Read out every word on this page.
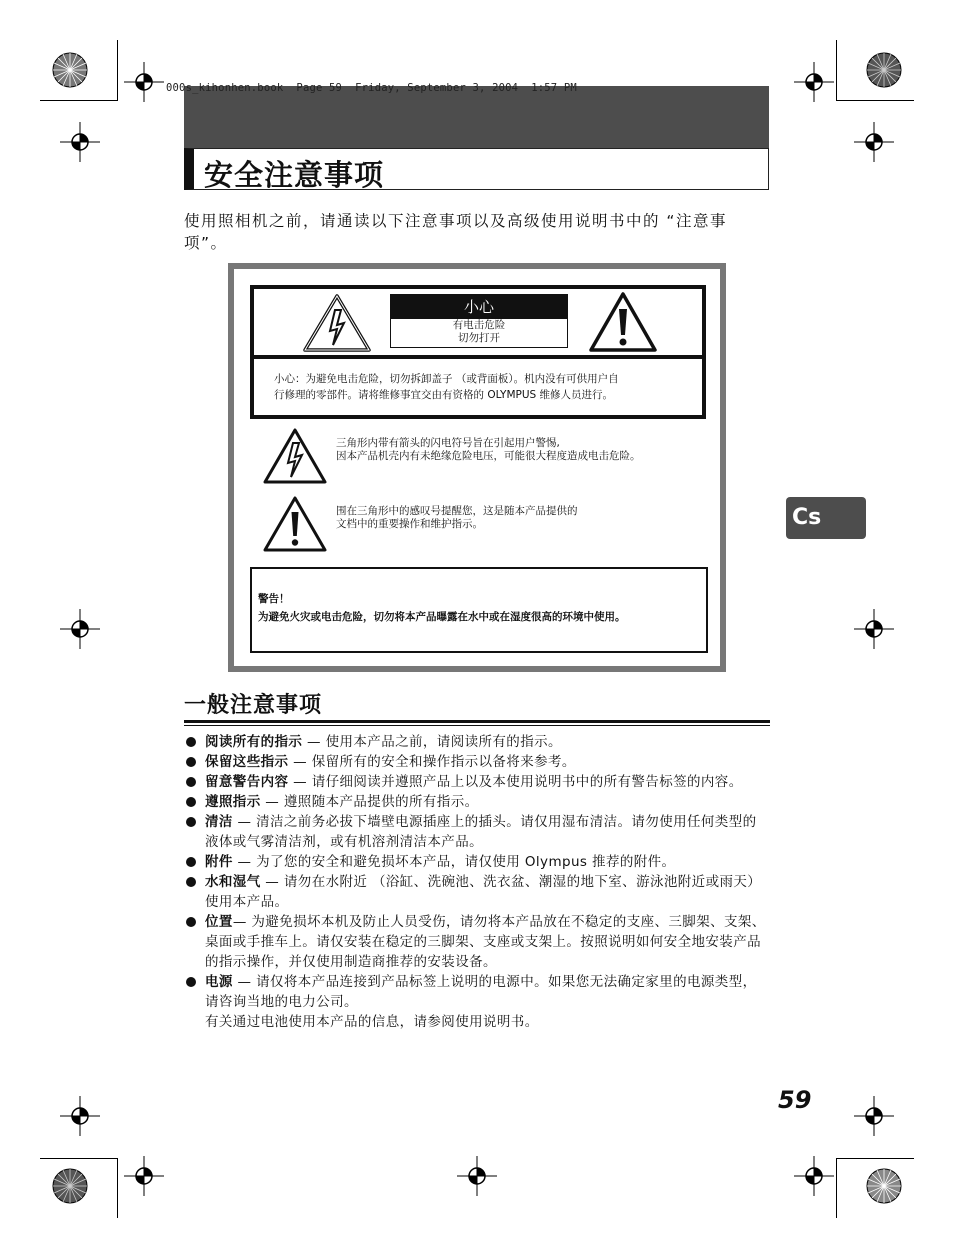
000s_kihonhen.book  Page 59  Friday, September 3, 2004  1:57 PM
安全注意事项

使用照相机之前，请通读以下注意事项以及高级使用说明书中的 “注意事项”。

小心
有电击危险
切勿打开
小心：为避免电击危险，切勿拆卸盖子 （或背面板）。机内没有可供用户自
行修理的零部件。请将维修事宜交由有资格的 OLYMPUS 维修人员进行。
三角形内带有箭头的闪电符号旨在引起用户警惕,
因本产品机壳内有未绝缘危险电压，可能很大程度造成电击危险。
围在三角形中的感叹号提醒您，这是随本产品提供的
文档中的重要操作和维护指示。
警告！
为避免火灾或电击危险，切勿将本产品曝露在水中或在湿度很高的环境中使用。
Cs
一般注意事项
阅读所有的指示 — 使用本产品之前，请阅读所有的指示。
保留这些指示 — 保留所有的安全和操作指示以备将来参考。
留意警告内容 — 请仔细阅读并遵照产品上以及本使用说明书中的所有警告标签的内容。
遵照指示 — 遵照随本产品提供的所有指示。
清洁 — 清洁之前务必拔下墙壁电源插座上的插头。请仅用湿布清洁。请勿使用任何类型的液体或气雾清洁剂，或有机溶剂清洁本产品。
附件 — 为了您的安全和避免损坏本产品，请仅使用 Olympus 推荐的附件。
水和湿气 — 请勿在水附近 （浴缸、洗碗池、洗衣盆、潮湿的地下室、游泳池附近或雨天）使用本产品。
位置— 为避免损坏本机及防止人员受伤，请勿将本产品放在不稳定的支座、三脚架、支架、桌面或手推车上。请仅安装在稳定的三脚架、支座或支架上。按照说明如何安全地安装产品的指示操作，并仅使用制造商推荐的安装设备。
电源 — 请仅将本产品连接到产品标签上说明的电源中。如果您无法确定家里的电源类型，请咨询当地的电力公司。
有关通过电池使用本产品的信息，请参阅使用说明书。
59
